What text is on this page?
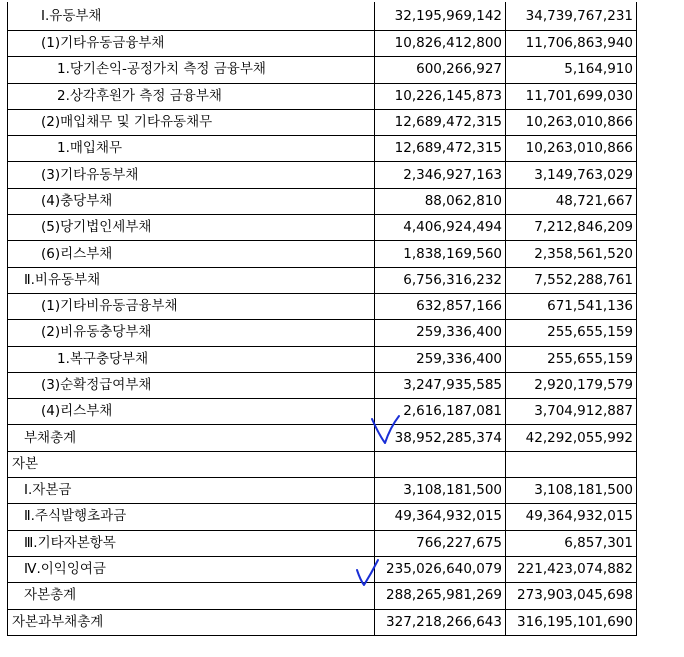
Ⅰ.유동부채	32,195,969,142	34,739,767,231
(1)기타유동금융부채	10,826,412,800	11,706,863,940
1.당기손익-공정가치 측정 금융부채	600,266,927	5,164,910
2.상각후원가 측정 금융부채	10,226,145,873	11,701,699,030
(2)매입채무 및 기타유동채무	12,689,472,315	10,263,010,866
1.매입채무	12,689,472,315	10,263,010,866
(3)기타유동부채	2,346,927,163	3,149,763,029
(4)충당부채	88,062,810	48,721,667
(5)당기법인세부채	4,406,924,494	7,212,846,209
(6)리스부채	1,838,169,560	2,358,561,520
Ⅱ.비유동부채	6,756,316,232	7,552,288,761
(1)기타비유동금융부채	632,857,166	671,541,136
(2)비유동충당부채	259,336,400	255,655,159
1.복구충당부채	259,336,400	255,655,159
(3)순확정급여부채	3,247,935,585	2,920,179,579
(4)리스부채	2,616,187,081	3,704,912,887
부채총계	38,952,285,374	42,292,055,992
자본		
Ⅰ.자본금	3,108,181,500	3,108,181,500
Ⅱ.주식발행초과금	49,364,932,015	49,364,932,015
Ⅲ.기타자본항목	766,227,675	6,857,301
Ⅳ.이익잉여금	235,026,640,079	221,423,074,882
자본총계	288,265,981,269	273,903,045,698
자본과부채총계	327,218,266,643	316,195,101,690
